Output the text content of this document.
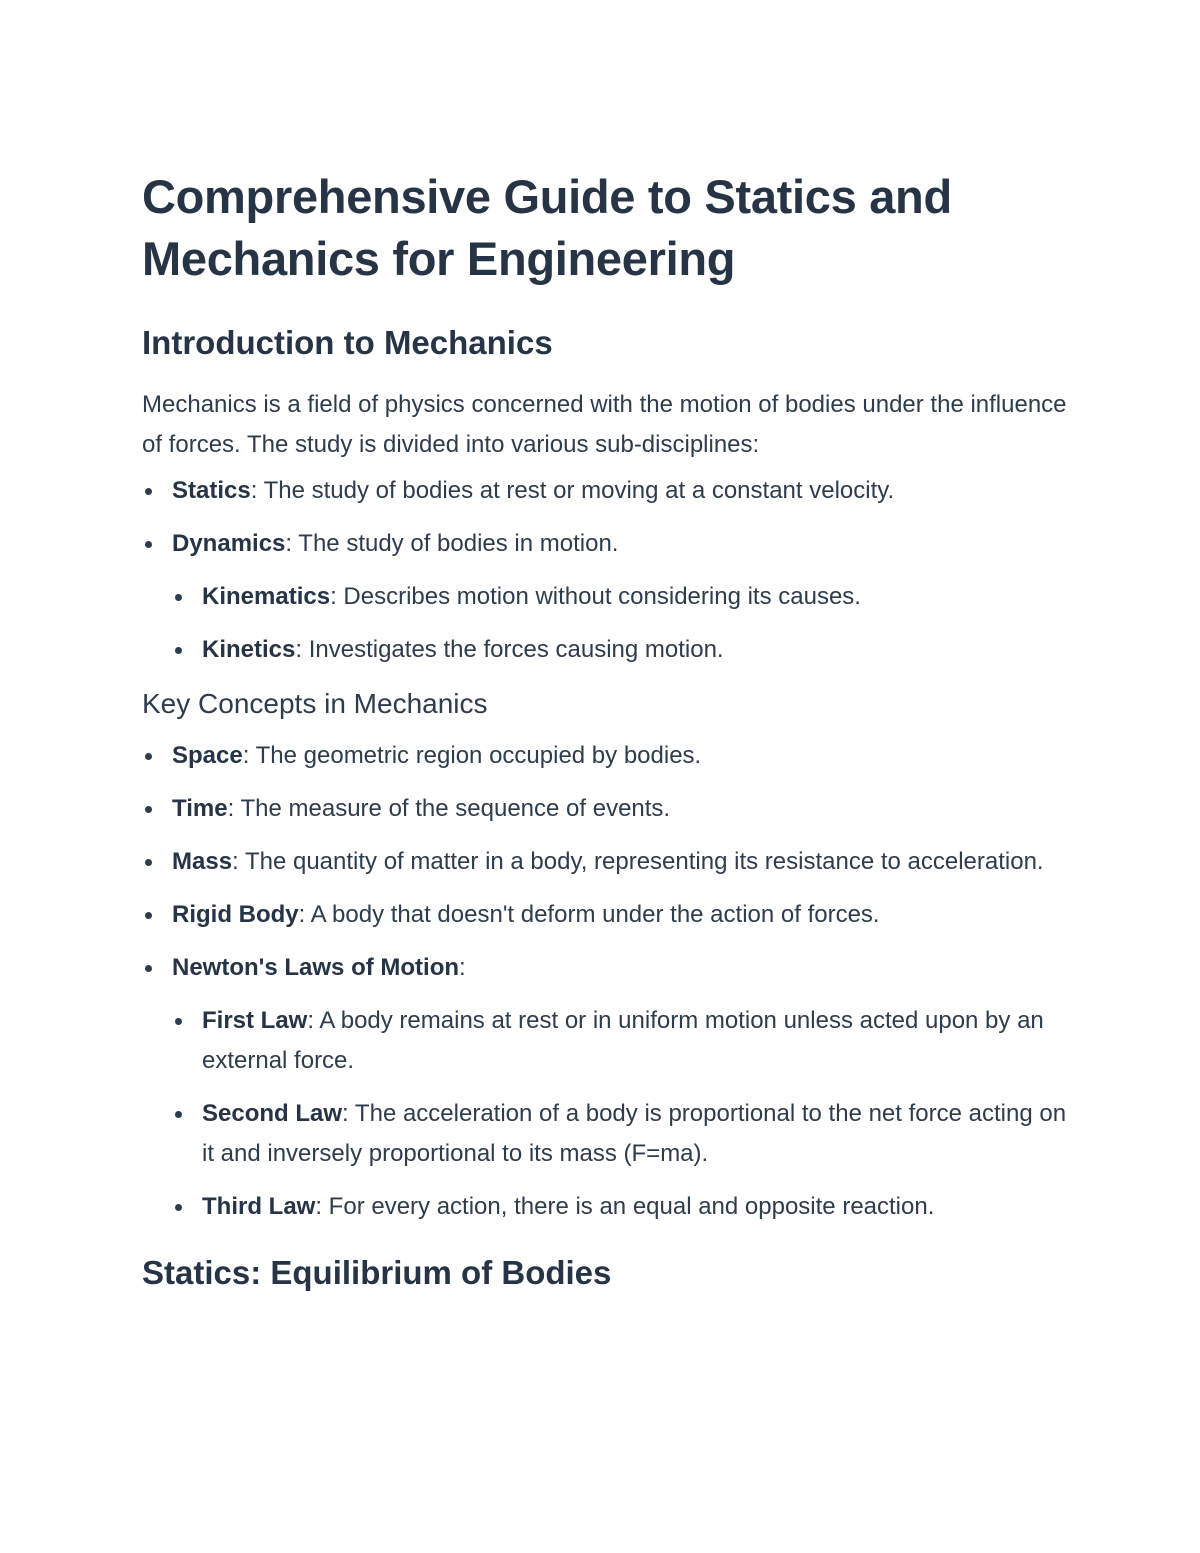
Comprehensive Guide to Statics and Mechanics for Engineering
Introduction to Mechanics

Mechanics is a field of physics concerned with the motion of bodies under the influence of forces. The study is divided into various sub-disciplines:

Statics: The study of bodies at rest or moving at a constant velocity.
Dynamics: The study of bodies in motion.
Kinematics: Describes motion without considering its causes.
Kinetics: Investigates the forces causing motion.
Key Concepts in Mechanics
Space: The geometric region occupied by bodies.
Time: The measure of the sequence of events.
Mass: The quantity of matter in a body, representing its resistance to acceleration.
Rigid Body: A body that doesn't deform under the action of forces.
Newton's Laws of Motion:
First Law: A body remains at rest or in uniform motion unless acted upon by an external force.
Second Law: The acceleration of a body is proportional to the net force acting on it and inversely proportional to its mass (F=ma).
Third Law: For every action, there is an equal and opposite reaction.
Statics: Equilibrium of Bodies
